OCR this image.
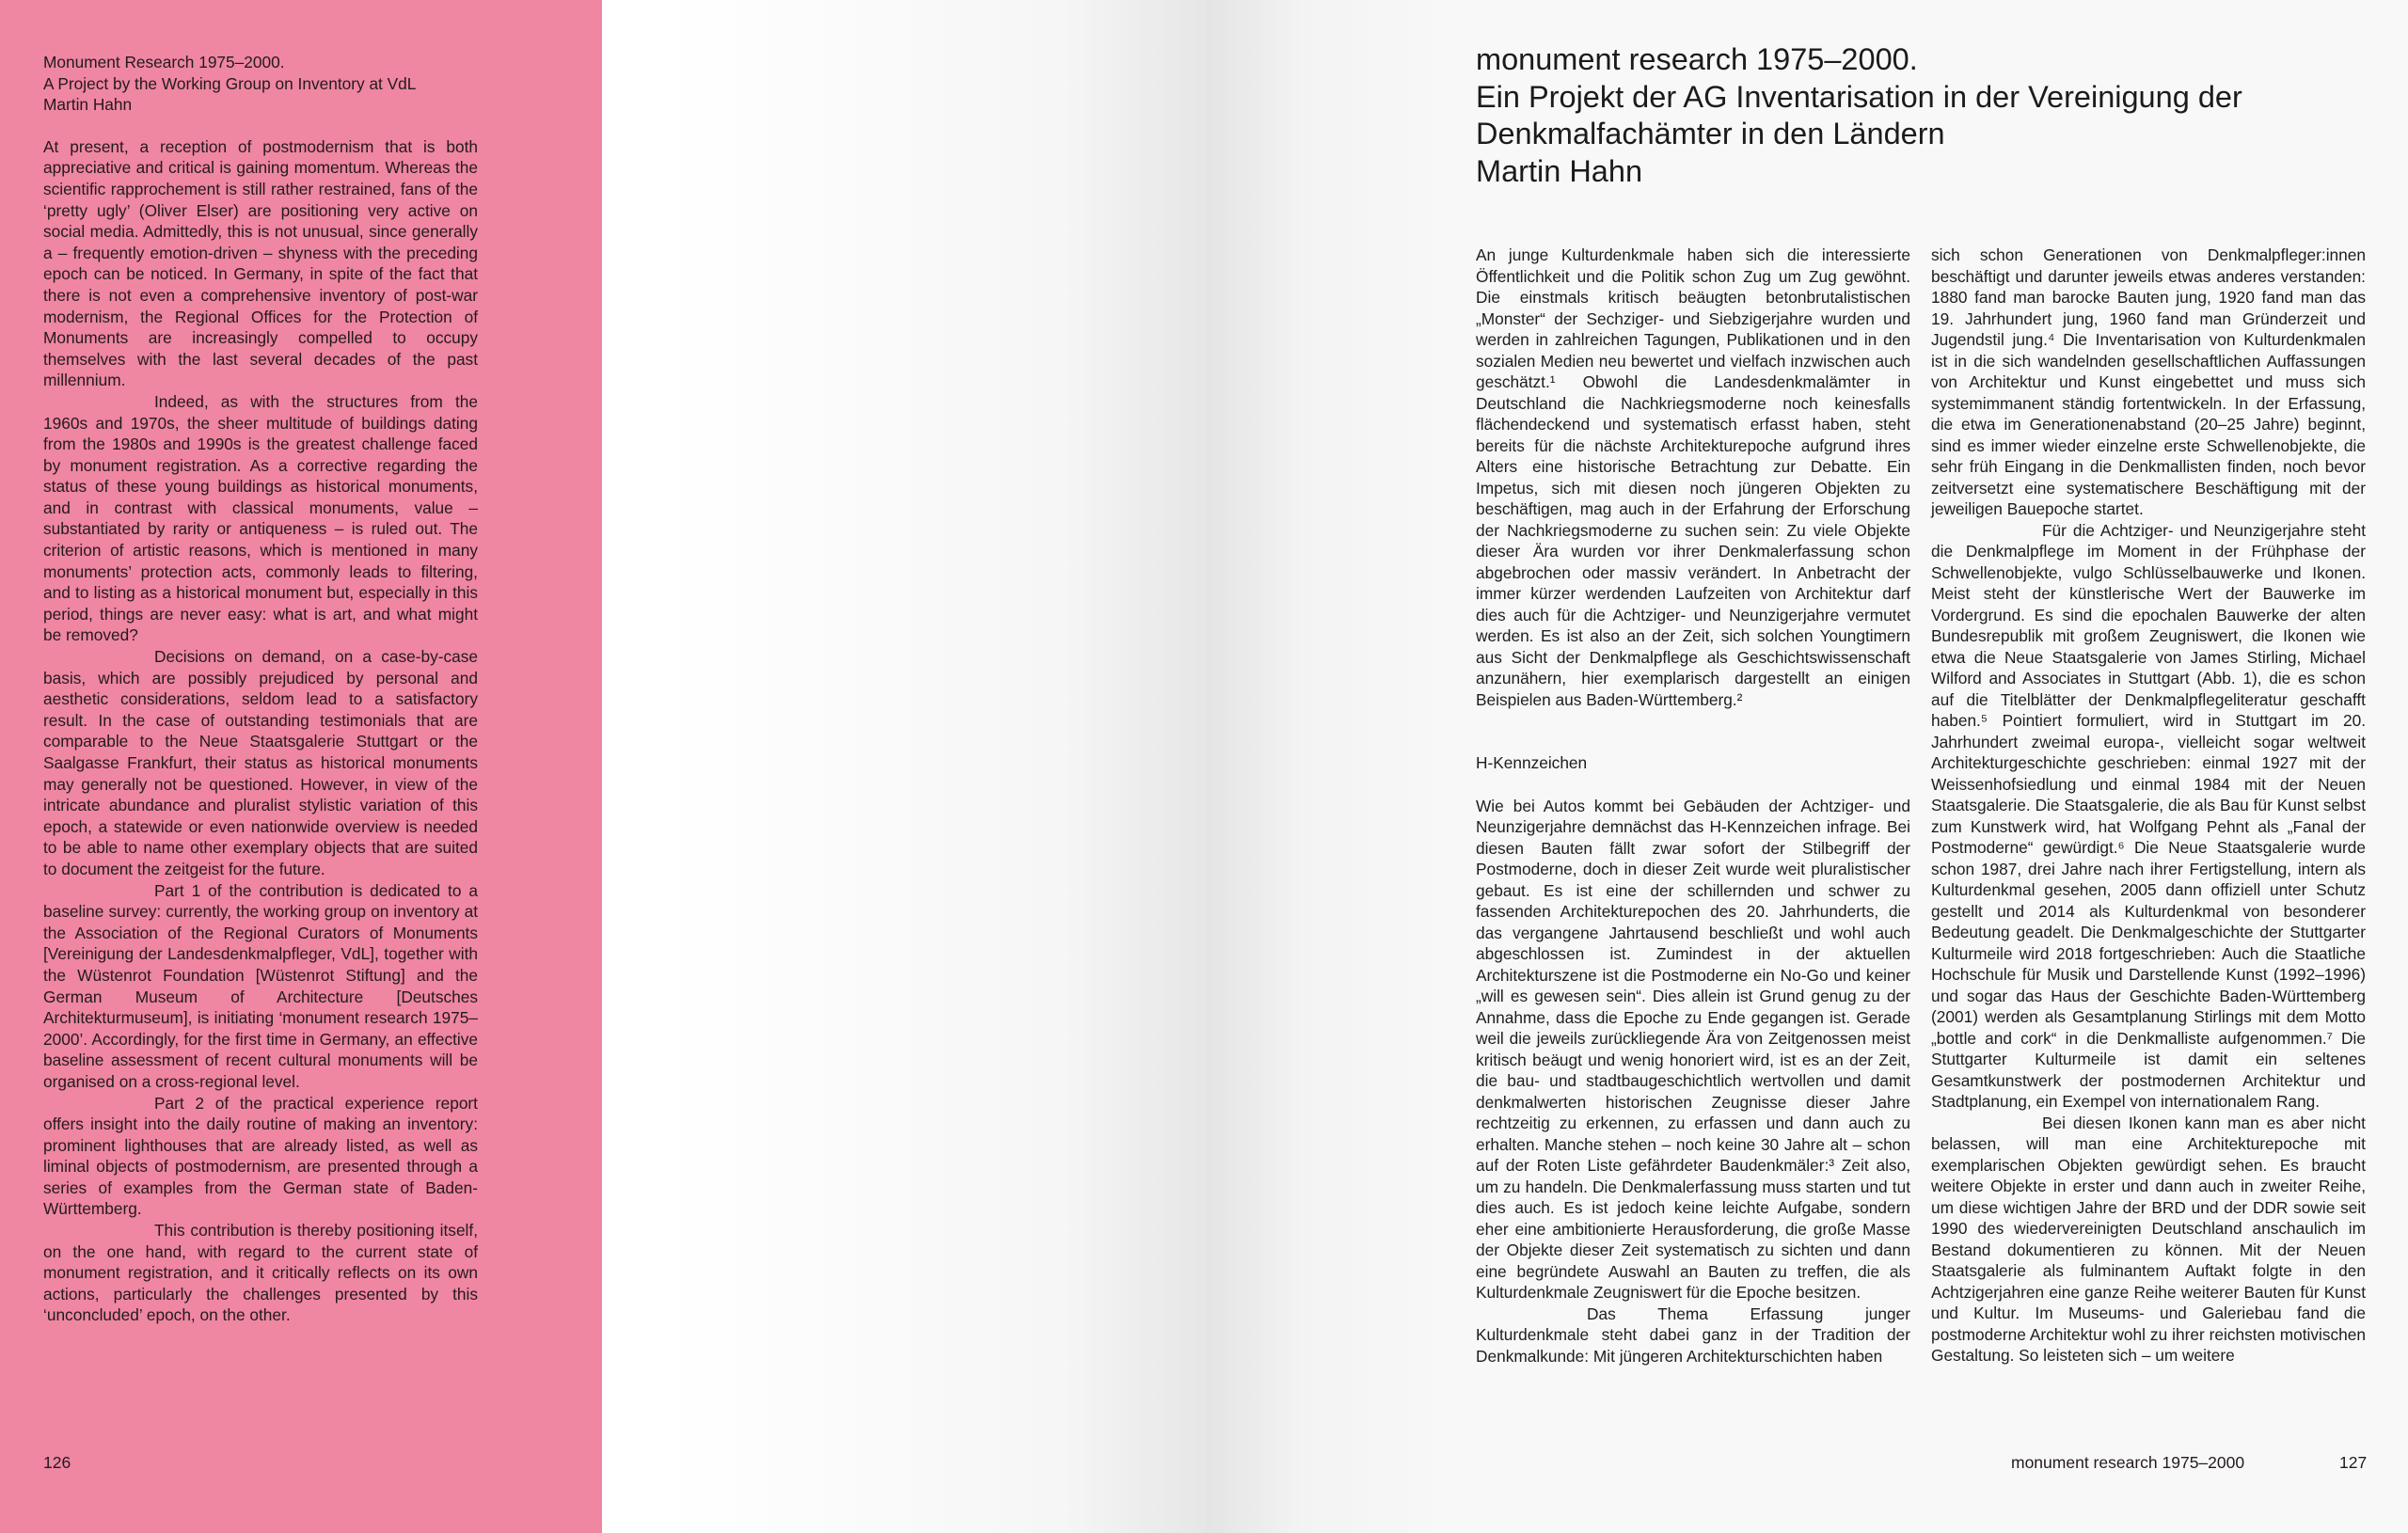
Monument Research 1975–2000.

A Project by the Working Group on Inventory at VdL

Martin Hahn

At present, a reception of postmodernism that is both appreciative and critical is gaining momentum. Whereas the scientific rapprochement is still rather restrained, fans of the ‘pretty ugly’ (Oliver Elser) are positioning very active on social media. Admittedly, this is not unusual, since generally a – frequently emotion-driven – shyness with the preceding epoch can be noticed. In Germany, in spite of the fact that there is not even a comprehensive inventory of post-war modernism, the Regional Offices for the Protection of Monuments are increasingly compelled to occupy themselves with the last several decades of the past millennium.

Indeed, as with the structures from the 1960s and 1970s, the sheer multitude of buildings dating from the 1980s and 1990s is the greatest challenge faced by monument registration. As a corrective regarding the status of these young buildings as historical monuments, and in contrast with classical monuments, value – substantiated by rarity or antiqueness – is ruled out. The criterion of artistic reasons, which is mentioned in many monuments’ protection acts, commonly leads to filtering, and to listing as a historical monument but, especially in this period, things are never easy: what is art, and what might be removed?

Decisions on demand, on a case-by-case basis, which are possibly prejudiced by personal and aesthetic considerations, seldom lead to a satisfactory result. In the case of outstanding testimonials that are comparable to the Neue Staatsgalerie Stuttgart or the Saalgasse Frankfurt, their status as historical monuments may generally not be questioned. However, in view of the intricate abundance and pluralist stylistic variation of this epoch, a statewide or even nationwide overview is needed to be able to name other exemplary objects that are suited to document the zeitgeist for the future.

Part 1 of the contribution is dedicated to a baseline survey: currently, the working group on inventory at the Association of the Regional Curators of Monuments [Vereinigung der Landesdenkmalpfleger, VdL], together with the Wüstenrot Foundation [Wüstenrot Stiftung] and the German Museum of Architecture [Deutsches Architekturmuseum], is initiating ‘monument research 1975–2000’. Accordingly, for the first time in Germany, an effective baseline assessment of recent cultural monuments will be organised on a cross-regional level.

Part 2 of the practical experience report offers insight into the daily routine of making an inventory: prominent lighthouses that are already listed, as well as liminal objects of postmodernism, are presented through a series of examples from the German state of Baden-Württemberg.

This contribution is thereby positioning itself, on the one hand, with regard to the current state of monument registration, and it critically reflects on its own actions, particularly the challenges presented by this ‘unconcluded’ epoch, on the other.

126
monument research 1975–2000.
Ein Projekt der AG Inventarisation in der Vereinigung der
Denkmalfachämter in den Ländern
Martin Hahn

An junge Kulturdenkmale haben sich die interessierte Öffentlichkeit und die Politik schon Zug um Zug gewöhnt. Die einstmals kritisch beäugten betonbrutalistischen „Monster“ der Sechziger- und Siebzigerjahre wurden und werden in zahlreichen Tagungen, Publikationen und in den sozialen Medien neu bewertet und vielfach inzwischen auch geschätzt.¹ Obwohl die Landesdenkmalämter in Deutschland die Nachkriegsmoderne noch keinesfalls flächendeckend und systematisch erfasst haben, steht bereits für die nächste Architekturepoche aufgrund ihres Alters eine historische Betrachtung zur Debatte. Ein Impetus, sich mit diesen noch jüngeren Objekten zu beschäftigen, mag auch in der Erfahrung der Erforschung der Nachkriegsmoderne zu suchen sein: Zu viele Objekte dieser Ära wurden vor ihrer Denkmalerfassung schon abgebrochen oder massiv verändert. In Anbetracht der immer kürzer werdenden Laufzeiten von Architektur darf dies auch für die Achtziger- und Neunzigerjahre vermutet werden. Es ist also an der Zeit, sich solchen Youngtimern aus Sicht der Denkmalpflege als Geschichtswissenschaft anzunähern, hier exemplarisch dargestellt an einigen Beispielen aus Baden-Württemberg.²

H-Kennzeichen

Wie bei Autos kommt bei Gebäuden der Achtziger- und Neunzigerjahre demnächst das H-Kennzeichen infrage. Bei diesen Bauten fällt zwar sofort der Stilbegriff der Postmoderne, doch in dieser Zeit wurde weit pluralistischer gebaut. Es ist eine der schillernden und schwer zu fassenden Architekturepochen des 20. Jahrhunderts, die das vergangene Jahrtausend beschließt und wohl auch abgeschlossen ist. Zumindest in der aktuellen Architekturszene ist die Postmoderne ein No-Go und keiner „will es gewesen sein“. Dies allein ist Grund genug zu der Annahme, dass die Epoche zu Ende gegangen ist. Gerade weil die jeweils zurückliegende Ära von Zeitgenossen meist kritisch beäugt und wenig honoriert wird, ist es an der Zeit, die bau- und stadtbaugeschichtlich wertvollen und damit denkmalwerten historischen Zeugnisse dieser Jahre rechtzeitig zu erkennen, zu erfassen und dann auch zu erhalten. Manche stehen – noch keine 30 Jahre alt – schon auf der Roten Liste gefährdeter Baudenkmäler:³ Zeit also, um zu handeln. Die Denkmalerfassung muss starten und tut dies auch. Es ist jedoch keine leichte Aufgabe, sondern eher eine ambitionierte Herausforderung, die große Masse der Objekte dieser Zeit systematisch zu sichten und dann eine begründete Auswahl an Bauten zu treffen, die als Kulturdenkmale Zeugniswert für die Epoche besitzen.

Das Thema Erfassung junger Kulturdenkmale steht dabei ganz in der Tradition der Denkmalkunde: Mit jüngeren Architekturschichten haben

sich schon Generationen von Denkmalpfleger:innen beschäftigt und darunter jeweils etwas anderes verstanden: 1880 fand man barocke Bauten jung, 1920 fand man das 19. Jahrhundert jung, 1960 fand man Gründerzeit und Jugendstil jung.⁴ Die Inventarisation von Kulturdenkmalen ist in die sich wandelnden gesellschaftlichen Auffassungen von Architektur und Kunst eingebettet und muss sich systemimmanent ständig fortentwickeln. In der Erfassung, die etwa im Generationenabstand (20–25 Jahre) beginnt, sind es immer wieder einzelne erste Schwellenobjekte, die sehr früh Eingang in die Denkmallisten finden, noch bevor zeitversetzt eine systematischere Beschäftigung mit der jeweiligen Bauepoche startet.

Für die Achtziger- und Neunzigerjahre steht die Denkmalpflege im Moment in der Frühphase der Schwellenobjekte, vulgo Schlüsselbauwerke und Ikonen. Meist steht der künstlerische Wert der Bauwerke im Vordergrund. Es sind die epochalen Bauwerke der alten Bundesrepublik mit großem Zeugniswert, die Ikonen wie etwa die Neue Staatsgalerie von James Stirling, Michael Wilford and Associates in Stuttgart (Abb. 1), die es schon auf die Titelblätter der Denkmalpflegeliteratur geschafft haben.⁵ Pointiert formuliert, wird in Stuttgart im 20. Jahrhundert zweimal europa-, vielleicht sogar weltweit Architekturgeschichte geschrieben: einmal 1927 mit der Weissenhofsiedlung und einmal 1984 mit der Neuen Staatsgalerie. Die Staatsgalerie, die als Bau für Kunst selbst zum Kunstwerk wird, hat Wolfgang Pehnt als „Fanal der Postmoderne“ gewürdigt.⁶ Die Neue Staatsgalerie wurde schon 1987, drei Jahre nach ihrer Fertigstellung, intern als Kulturdenkmal gesehen, 2005 dann offiziell unter Schutz gestellt und 2014 als Kulturdenkmal von besonderer Bedeutung geadelt. Die Denkmalgeschichte der Stuttgarter Kulturmeile wird 2018 fortgeschrieben: Auch die Staatliche Hochschule für Musik und Darstellende Kunst (1992–1996) und sogar das Haus der Geschichte Baden-Württemberg (2001) werden als Gesamtplanung Stirlings mit dem Motto „bottle and cork“ in die Denkmalliste aufgenommen.⁷ Die Stuttgarter Kulturmeile ist damit ein seltenes Gesamtkunstwerk der postmodernen Architektur und Stadtplanung, ein Exempel von internationalem Rang.

Bei diesen Ikonen kann man es aber nicht belassen, will man eine Architekturepoche mit exemplarischen Objekten gewürdigt sehen. Es braucht weitere Objekte in erster und dann auch in zweiter Reihe, um diese wichtigen Jahre der BRD und der DDR sowie seit 1990 des wiedervereinigten Deutschland anschaulich im Bestand dokumentieren zu können. Mit der Neuen Staatsgalerie als fulminantem Auftakt folgte in den Achtzigerjahren eine ganze Reihe weiterer Bauten für Kunst und Kultur. Im Museums- und Galeriebau fand die postmoderne Architektur wohl zu ihrer reichsten motivischen Gestaltung. So leisteten sich – um weitere

monument research 1975–2000	127
